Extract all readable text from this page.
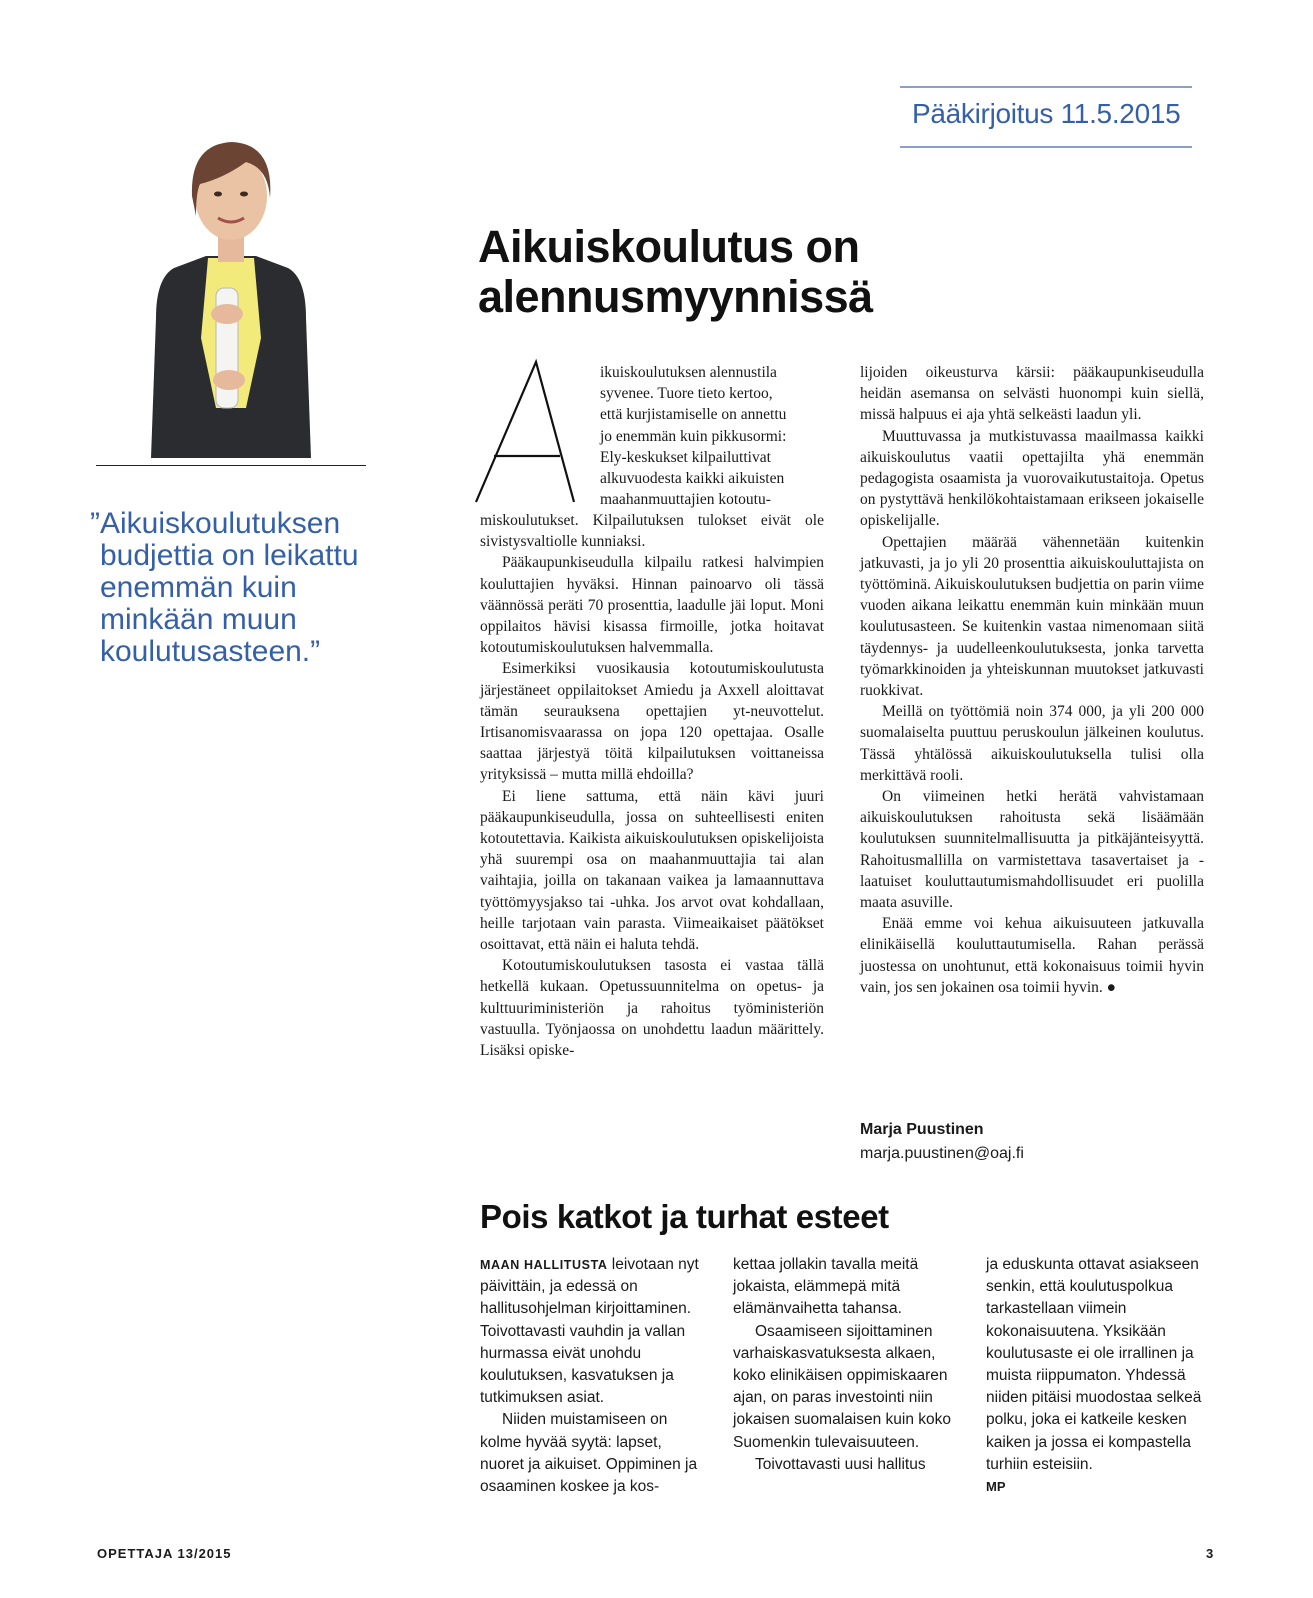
Pääkirjoitus 11.5.2015
”Aikuiskoulutuksen
budjettia on leikattu
enemmän kuin
minkään muun
koulutusasteen.”
Aikuiskoulutus on
alennusmyynnissä
A
ikuiskoulutuksen alennustila
syvenee. Tuore tieto kertoo,
että kurjistamiselle on annettu
jo enemmän kuin pikkusormi:
Ely-keskukset kilpailuttivat
alkuvuodesta kaikki aikuisten
maahanmuuttajien kotoutu-

miskoulutukset. Kilpailutuksen tulokset eivät ole sivistysvaltiolle kunniaksi.

Pääkaupunkiseudulla kilpailu ratkesi halvimpien kouluttajien hyväksi. Hinnan painoarvo oli tässä väännössä peräti 70 prosenttia, laadulle jäi loput. Moni oppilaitos hävisi kisassa firmoille, jotka hoitavat kotoutumiskoulutuksen halvemmalla.

Esimerkiksi vuosikausia kotoutumiskoulutusta järjestäneet oppilaitokset Amiedu ja Axxell aloittavat tämän seurauksena opettajien yt-neuvottelut. Irtisanomisvaarassa on jopa 120 opettajaa. Osalle saattaa järjestyä töitä kilpailutuksen voittaneissa yrityksissä – mutta millä ehdoilla?

Ei liene sattuma, että näin kävi juuri pääkaupunkiseudulla, jossa on suhteellisesti eniten kotoutettavia. Kaikista aikuiskoulutuksen opiskelijoista yhä suurempi osa on maahanmuuttajia tai alan vaihtajia, joilla on takanaan vaikea ja lamaannuttava työttömyysjakso tai -uhka. Jos arvot ovat kohdallaan, heille tarjotaan vain parasta. Viimeaikaiset päätökset osoittavat, että näin ei haluta tehdä.

Kotoutumiskoulutuksen tasosta ei vastaa tällä hetkellä kukaan. Opetussuunnitelma on opetus- ja kulttuuriministeriön ja rahoitus työministeriön vastuulla. Työnjaossa on unohdettu laadun määrittely. Lisäksi opiske-

lijoiden oikeusturva kärsii: pääkaupunkiseudulla heidän asemansa on selvästi huonompi kuin siellä, missä halpuus ei aja yhtä selkeästi laadun yli.

Muuttuvassa ja mutkistuvassa maailmassa kaikki aikuiskoulutus vaatii opettajilta yhä enemmän pedagogista osaamista ja vuorovaikutustaitoja. Opetus on pystyttävä henkilökohtaistamaan erikseen jokaiselle opiskelijalle.

Opettajien määrää vähennetään kuitenkin jatkuvasti, ja jo yli 20 prosenttia aikuiskouluttajista on työttöminä. Aikuiskoulutuksen budjettia on parin viime vuoden aikana leikattu enemmän kuin minkään muun koulutusasteen. Se kuitenkin vastaa nimenomaan siitä täydennys- ja uudelleenkoulutuksesta, jonka tarvetta työmarkkinoiden ja yhteiskunnan muutokset jatkuvasti ruokkivat.

Meillä on työttömiä noin 374 000, ja yli 200 000 suomalaiselta puuttuu peruskoulun jälkeinen koulutus. Tässä yhtälössä aikuiskoulutuksella tulisi olla merkittävä rooli.

On viimeinen hetki herätä vahvistamaan aikuiskoulutuksen rahoitusta sekä lisäämään koulutuksen suunnitelmallisuutta ja pitkäjänteisyyttä. Rahoitusmallilla on varmistettava tasavertaiset ja -laatuiset kouluttautumismahdollisuudet eri puolilla maata asuville.

Enää emme voi kehua aikuisuuteen jatkuvalla elinikäisellä kouluttautumisella. Rahan perässä juostessa on unohtunut, että kokonaisuus toimii hyvin vain, jos sen jokainen osa toimii hyvin. ●

Marja Puustinen
marja.puustinen@oaj.fi
Pois katkot ja turhat esteet

MAAN HALLITUSTA leivotaan nyt päivittäin, ja edessä on hallitusohjelman kirjoittaminen. Toivottavasti vauhdin ja vallan hurmassa eivät unohdu koulutuksen, kasvatuksen ja tutkimuksen asiat.

Niiden muistamiseen on kolme hyvää syytä: lapset, nuoret ja aikuiset. Oppiminen ja osaaminen koskee ja kos-

kettaa jollakin tavalla meitä jokaista, elämmepä mitä elämänvaihetta tahansa.

Osaamiseen sijoittaminen varhaiskasvatuksesta alkaen, koko elinikäisen oppimiskaaren ajan, on paras investointi niin jokaisen suomalaisen kuin koko Suomenkin tulevaisuuteen.

Toivottavasti uusi hallitus

ja eduskunta ottavat asiakseen senkin, että koulutuspolkua tarkastellaan viimein kokonaisuutena. Yksikään koulutusaste ei ole irrallinen ja muista riippumaton. Yhdessä niiden pitäisi muodostaa selkeä polku, joka ei katkeile kesken kaiken ja jossa ei kompastella turhiin esteisiin.
MP

OPETTAJA 13/2015	3
